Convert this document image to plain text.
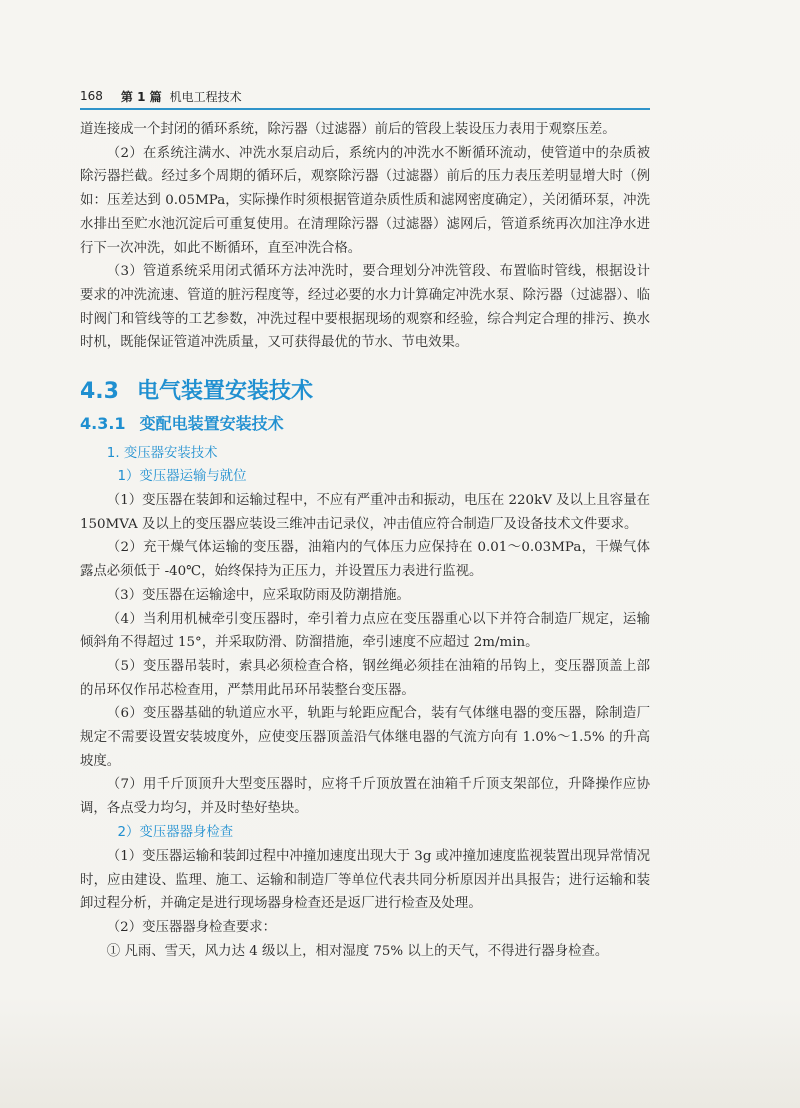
168 第 1 篇 机电工程技术

道连接成一个封闭的循环系统，除污器（过滤器）前后的管段上装设压力表用于观察压差。

（2）在系统注满水、冲洗水泵启动后，系统内的冲洗水不断循环流动，使管道中的杂质被除污器拦截。经过多个周期的循环后，观察除污器（过滤器）前后的压力表压差明显增大时（例如：压差达到 0.05MPa，实际操作时须根据管道杂质性质和滤网密度确定），关闭循环泵，冲洗水排出至贮水池沉淀后可重复使用。在清理除污器（过滤器）滤网后，管道系统再次加注净水进行下一次冲洗，如此不断循环，直至冲洗合格。

（3）管道系统采用闭式循环方法冲洗时，要合理划分冲洗管段、布置临时管线，根据设计要求的冲洗流速、管道的脏污程度等，经过必要的水力计算确定冲洗水泵、除污器（过滤器）、临时阀门和管线等的工艺参数，冲洗过程中要根据现场的观察和经验，综合判定合理的排污、换水时机，既能保证管道冲洗质量，又可获得最优的节水、节电效果。

4.3 电气装置安装技术
4.3.1 变配电装置安装技术
1. 变压器安装技术
1）变压器运输与就位

（1）变压器在装卸和运输过程中，不应有严重冲击和振动，电压在 220kV 及以上且容量在 150MVA 及以上的变压器应装设三维冲击记录仪，冲击值应符合制造厂及设备技术文件要求。

（2）充干燥气体运输的变压器，油箱内的气体压力应保持在 0.01～0.03MPa，干燥气体露点必须低于 -40℃，始终保持为正压力，并设置压力表进行监视。

（3）变压器在运输途中，应采取防雨及防潮措施。

（4）当利用机械牵引变压器时，牵引着力点应在变压器重心以下并符合制造厂规定，运输倾斜角不得超过 15°，并采取防滑、防溜措施，牵引速度不应超过 2m/min。

（5）变压器吊装时，索具必须检查合格，钢丝绳必须挂在油箱的吊钩上，变压器顶盖上部的吊环仅作吊芯检查用，严禁用此吊环吊装整台变压器。

（6）变压器基础的轨道应水平，轨距与轮距应配合，装有气体继电器的变压器，除制造厂规定不需要设置安装坡度外，应使变压器顶盖沿气体继电器的气流方向有 1.0%～1.5% 的升高坡度。

（7）用千斤顶顶升大型变压器时，应将千斤顶放置在油箱千斤顶支架部位，升降操作应协调，各点受力均匀，并及时垫好垫块。

2）变压器器身检查

（1）变压器运输和装卸过程中冲撞加速度出现大于 3g 或冲撞加速度监视装置出现异常情况时，应由建设、监理、施工、运输和制造厂等单位代表共同分析原因并出具报告；进行运输和装卸过程分析，并确定是进行现场器身检查还是返厂进行检查及处理。

（2）变压器器身检查要求：

① 凡雨、雪天，风力达 4 级以上，相对湿度 75% 以上的天气，不得进行器身检查。
